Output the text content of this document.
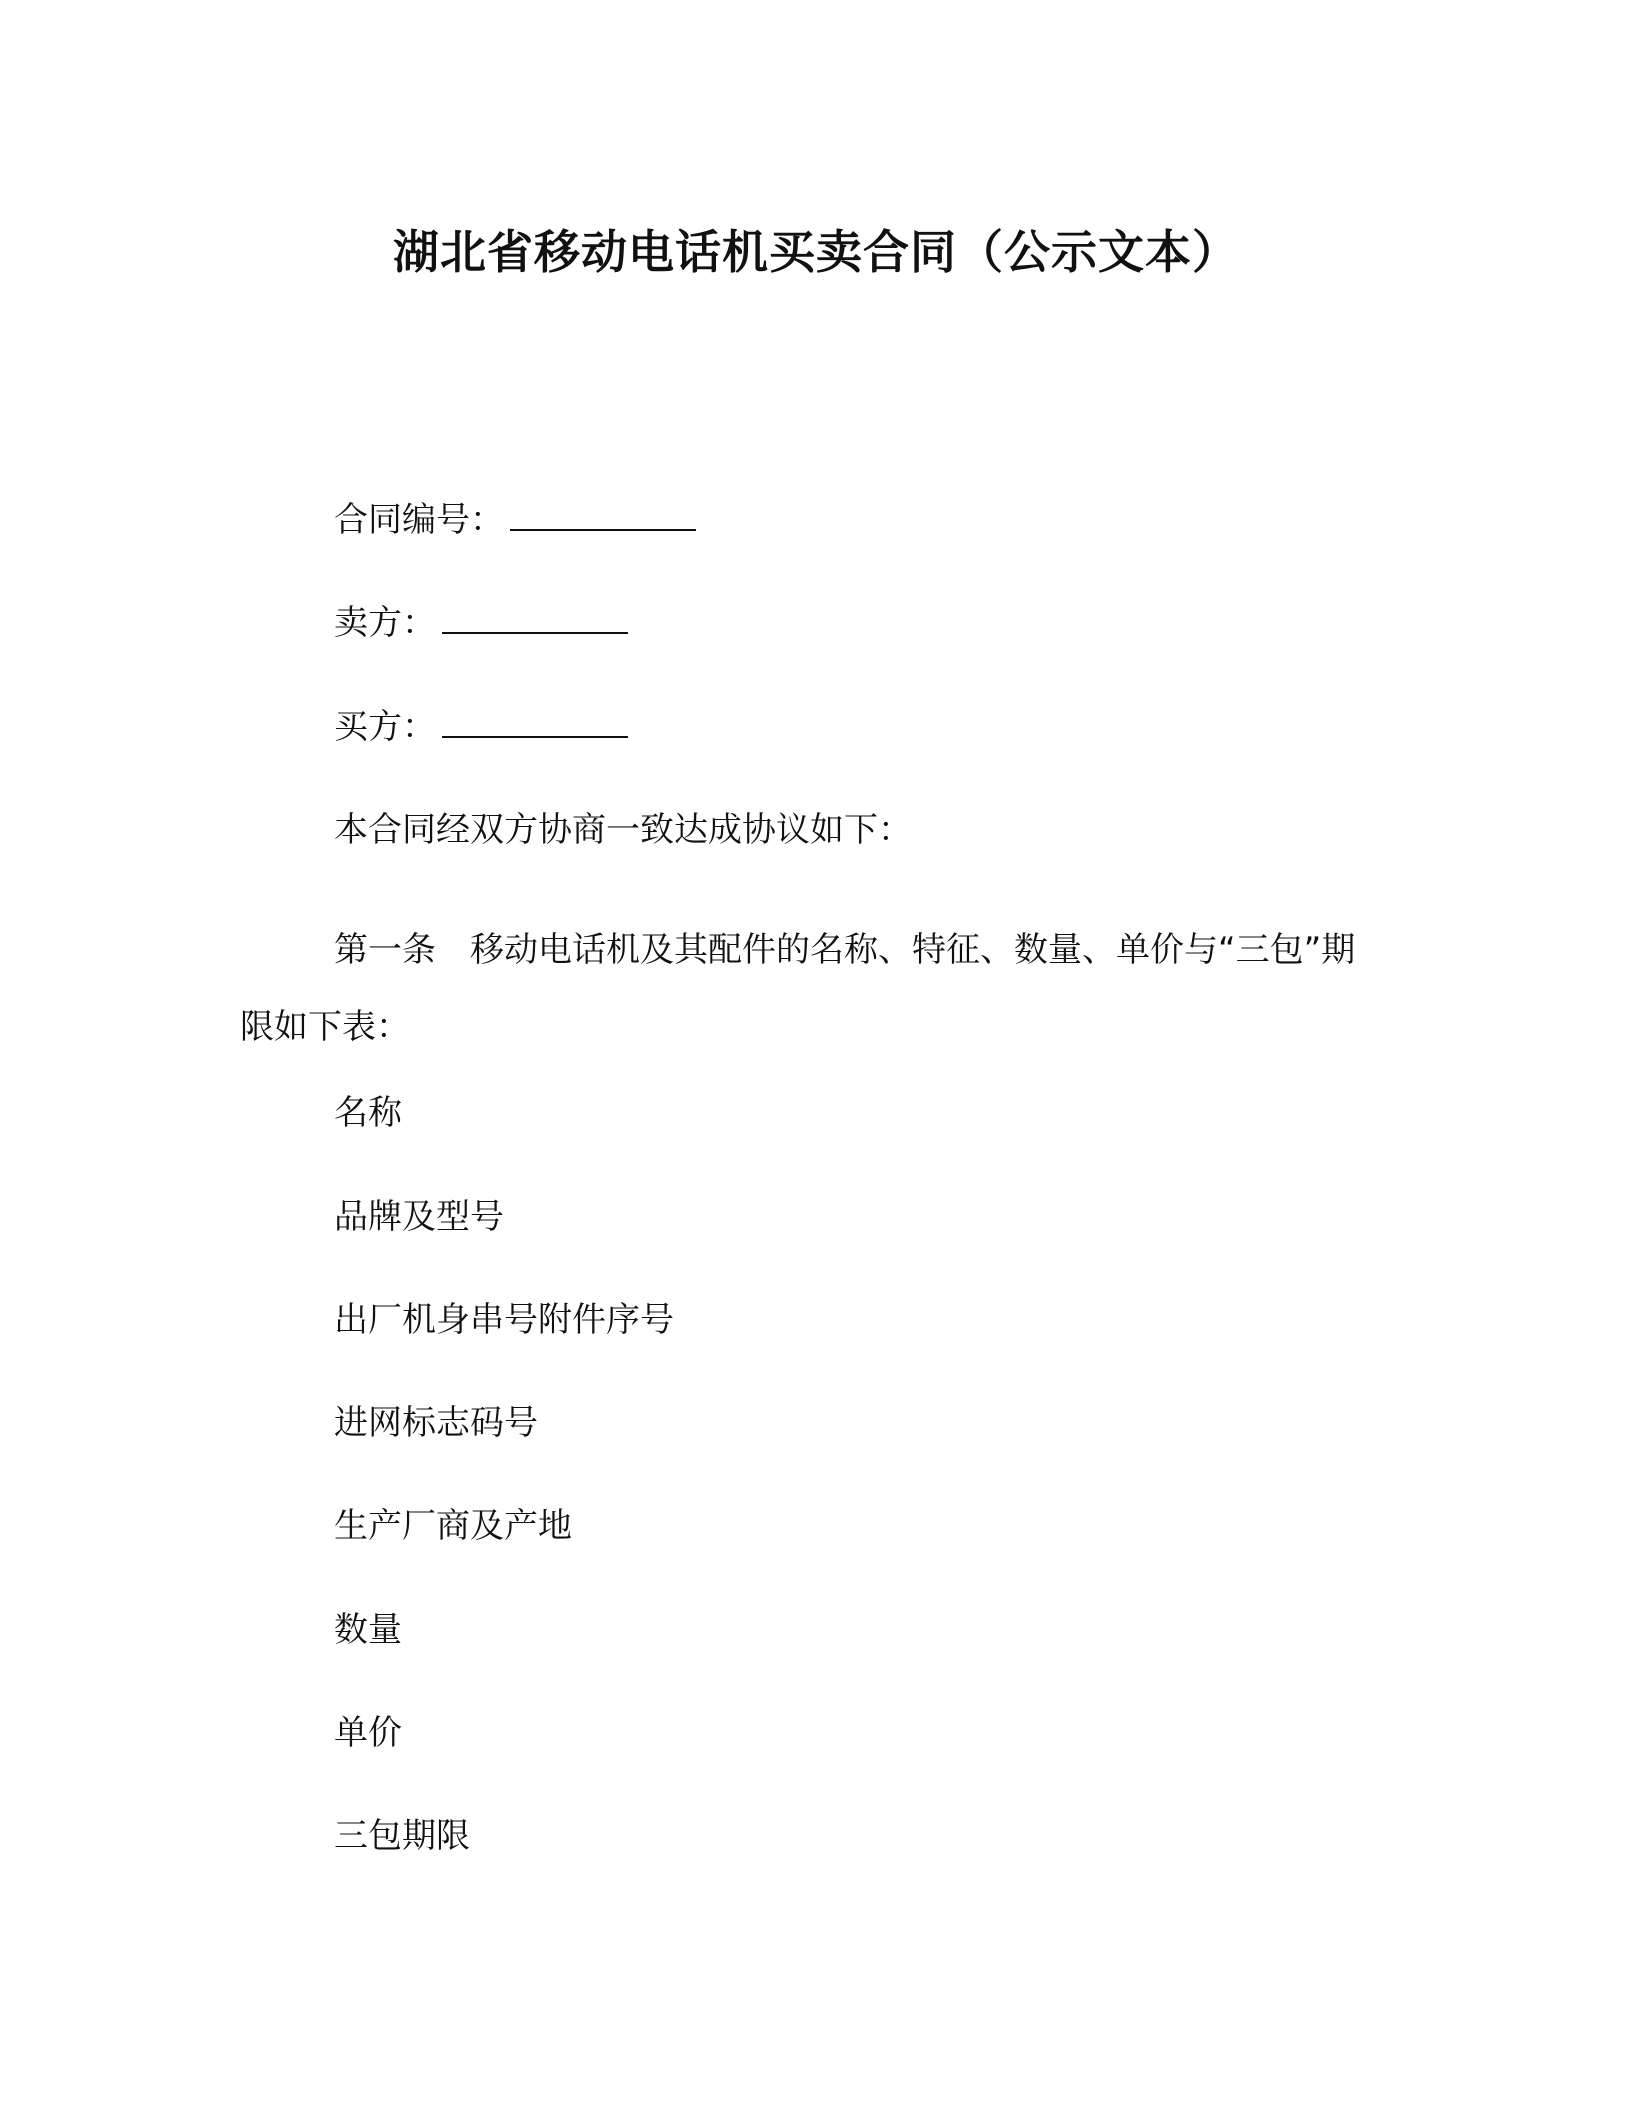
湖北省移动电话机买卖合同（公示文本）
合同编号：
卖方：
买方：
本合同经双方协商一致达成协议如下：
第一条　移动电话机及其配件的名称、特征、数量、单价与“三包”期限如下表：
名称
品牌及型号
出厂机身串号附件序号
进网标志码号
生产厂商及产地
数量
单价
三包期限
